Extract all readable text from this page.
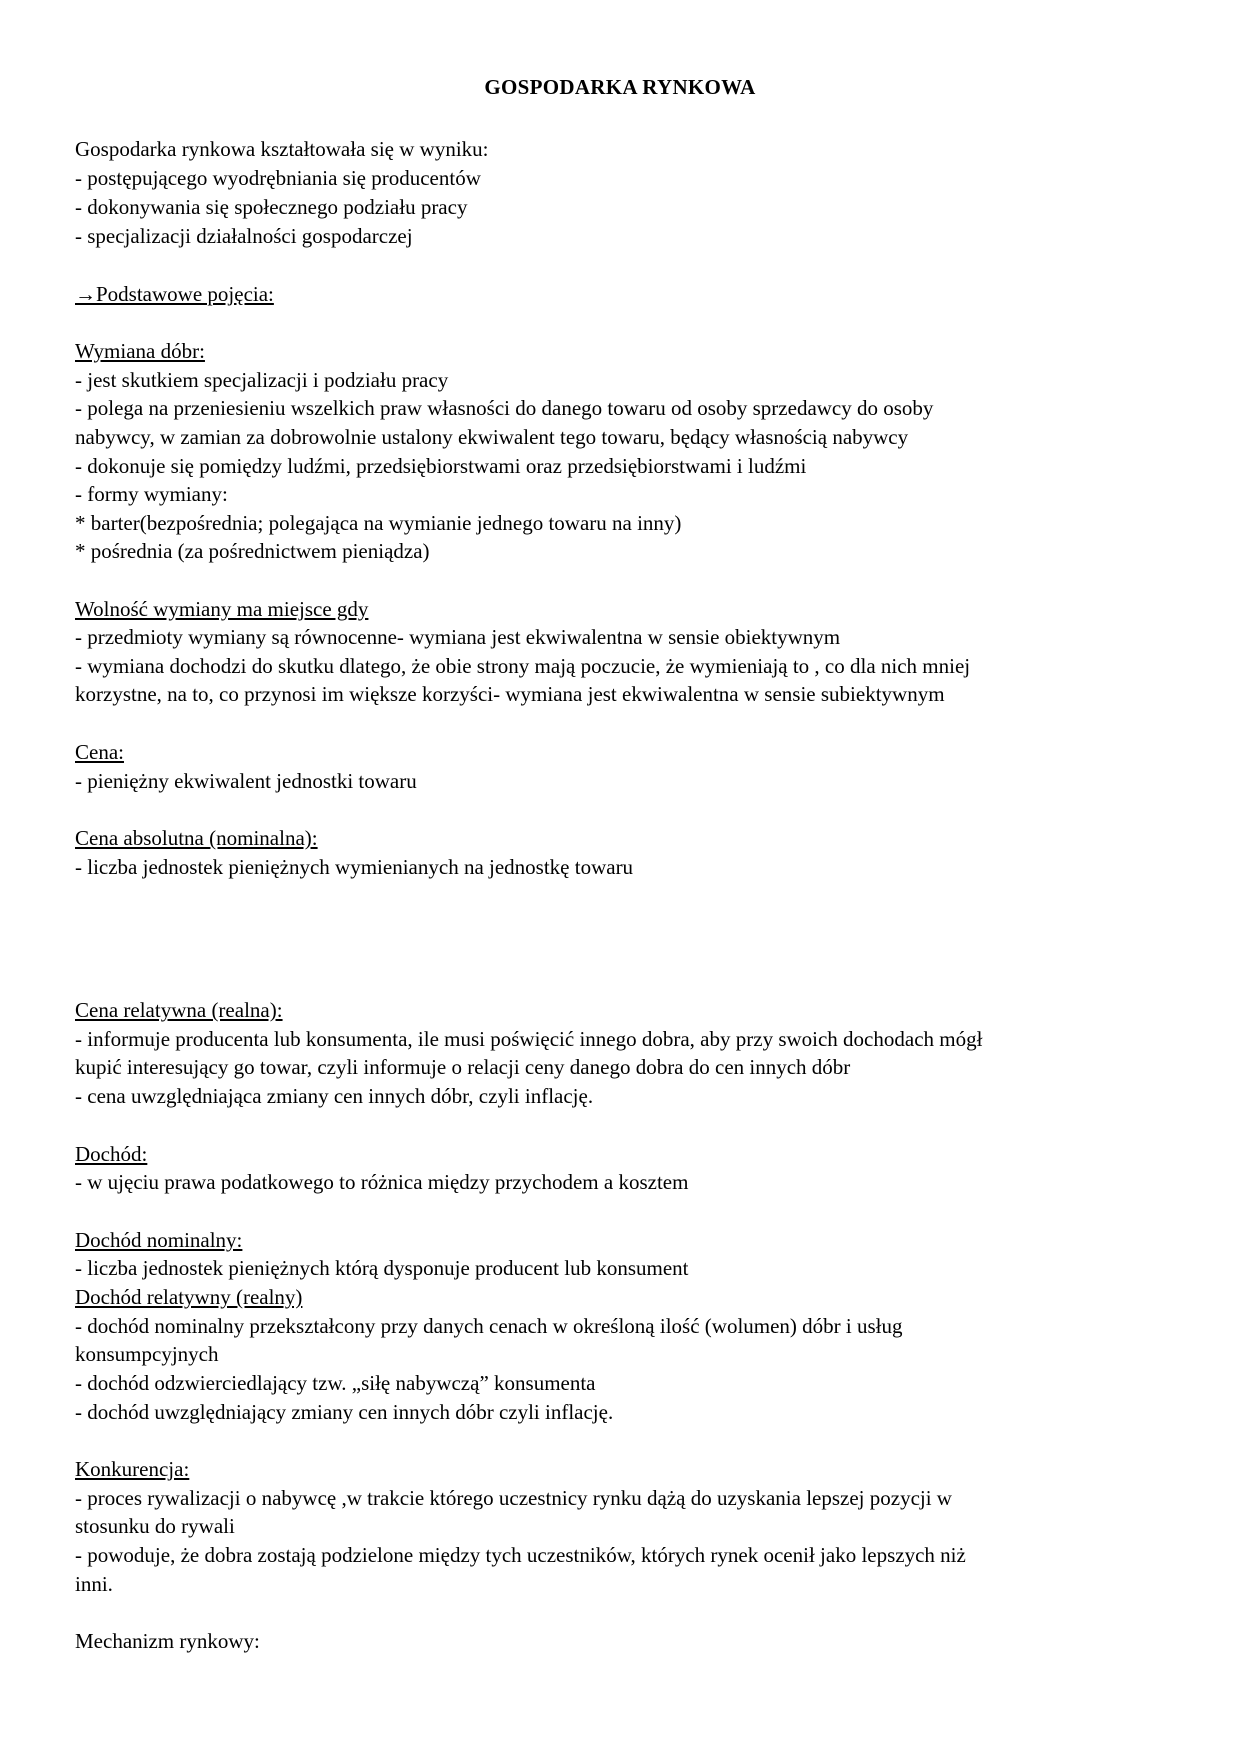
GOSPODARKA RYNKOWA
Gospodarka rynkowa kształtowała się w wyniku:
- postępującego wyodrębniania się producentów
- dokonywania się społecznego podziału pracy
- specjalizacji działalności gospodarczej
→Podstawowe pojęcia:
Wymiana dóbr:
- jest skutkiem specjalizacji i podziału pracy
- polega na przeniesieniu wszelkich praw własności do danego towaru od osoby sprzedawcy do osoby
nabywcy, w zamian za dobrowolnie ustalony ekwiwalent tego towaru, będący własnością nabywcy
- dokonuje się pomiędzy ludźmi, przedsiębiorstwami oraz przedsiębiorstwami i ludźmi
- formy wymiany:
* barter(bezpośrednia; polegająca na wymianie jednego towaru na inny)
* pośrednia (za pośrednictwem pieniądza)
Wolność wymiany ma miejsce gdy
- przedmioty wymiany są równocenne- wymiana jest ekwiwalentna w sensie obiektywnym
- wymiana dochodzi do skutku dlatego, że obie strony mają poczucie, że wymieniają to , co dla nich mniej
korzystne, na to, co przynosi im większe korzyści- wymiana jest ekwiwalentna w sensie subiektywnym
Cena:
- pieniężny ekwiwalent jednostki towaru
Cena absolutna (nominalna):
- liczba jednostek pieniężnych wymienianych na jednostkę towaru
Cena relatywna (realna):
- informuje producenta lub konsumenta, ile musi poświęcić innego dobra, aby przy swoich dochodach mógł
kupić interesujący go towar, czyli informuje o relacji ceny danego dobra do cen innych dóbr
- cena uwzględniająca zmiany cen innych dóbr, czyli inflację.
Dochód:
- w ujęciu prawa podatkowego to różnica między przychodem a kosztem
Dochód nominalny:
- liczba jednostek pieniężnych którą dysponuje producent lub konsument
Dochód relatywny (realny)
- dochód nominalny przekształcony przy danych cenach w określoną ilość (wolumen) dóbr i usług
konsumpcyjnych
- dochód odzwierciedlający tzw. „siłę nabywczą” konsumenta
- dochód uwzględniający zmiany cen innych dóbr czyli inflację.
Konkurencja:
- proces rywalizacji o nabywcę ,w trakcie którego uczestnicy rynku dążą do uzyskania lepszej pozycji w
stosunku do rywali
- powoduje, że dobra zostają podzielone między tych uczestników, których rynek ocenił jako lepszych niż
inni.
Mechanizm rynkowy:
